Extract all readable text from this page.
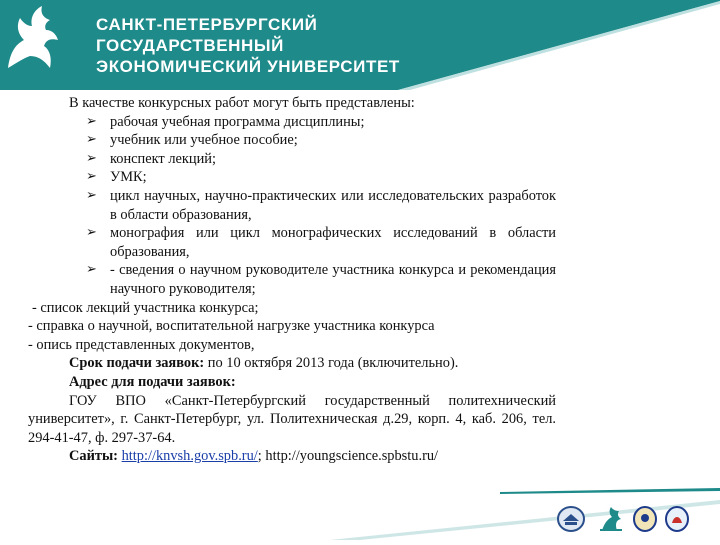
САНКТ-ПЕТЕРБУРГСКИЙ
ГОСУДАРСТВЕННЫЙ
ЭКОНОМИЧЕСКИЙ УНИВЕРСИТЕТ

В качестве конкурсных работ могут быть представлены:

➢ рабочая учебная программа дисциплины;
➢ учебник или учебное пособие;
➢ конспект лекций;
➢ УМК;
➢ цикл научных, научно-практических или исследовательских разработок в области образования,
➢ монография или цикл монографических исследований в области образования,
➢ - сведения о научном руководителе участника конкурса и рекомендация научного руководителя;

- список лекций участника конкурса;

- справка о научной, воспитательной нагрузке участника конкурса

- опись представленных документов,

Срок подачи заявок: по 10 октября 2013 года (включительно).

Адрес для подачи заявок:

ГОУ ВПО «Санкт-Петербургский государственный политехнический университет», г. Санкт-Петербург, ул. Политехническая д.29, корп. 4, каб. 206, тел. 294-41-47, ф. 297-37-64.

Сайты: http://knvsh.gov.spb.ru/; http://youngscience.spbstu.ru/
